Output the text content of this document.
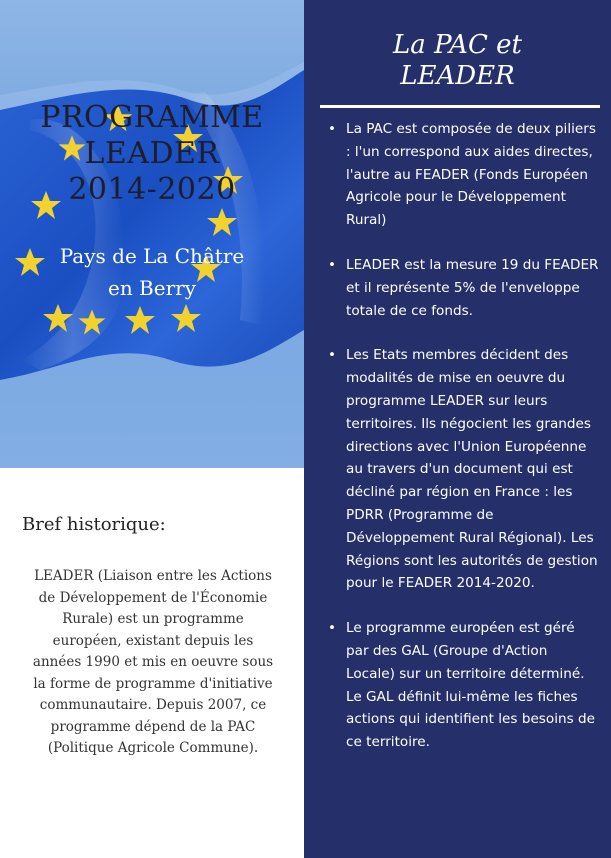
PROGRAMME
LEADER
2014-2020
Pays de La Châtre
en Berry
Bref historique:
LEADER (Liaison entre les Actions de Développement de l'Économie Rurale) est un programme européen, existant depuis les années 1990 et mis en oeuvre sous la forme de programme d'initiative communautaire. Depuis 2007, ce programme dépend de la PAC (Politique Agricole Commune).
La PAC et
LEADER
• La PAC est composée de deux piliers : l'un correspond aux aides directes, l'autre au FEADER (Fonds Européen Agricole pour le Développement Rural)
• LEADER est la mesure 19 du FEADER et il représente 5% de l'enveloppe totale de ce fonds.
• Les Etats membres décident des modalités de mise en oeuvre du programme LEADER sur leurs territoires. Ils négocient les grandes directions avec l'Union Européenne au travers d'un document qui est décliné par région en France : les PDRR (Programme de Développement Rural Régional). Les Régions sont les autorités de gestion pour le FEADER 2014-2020.
• Le programme européen est géré par des GAL (Groupe d'Action Locale) sur un territoire déterminé. Le GAL définit lui-même les fiches actions qui identifient les besoins de ce territoire.
